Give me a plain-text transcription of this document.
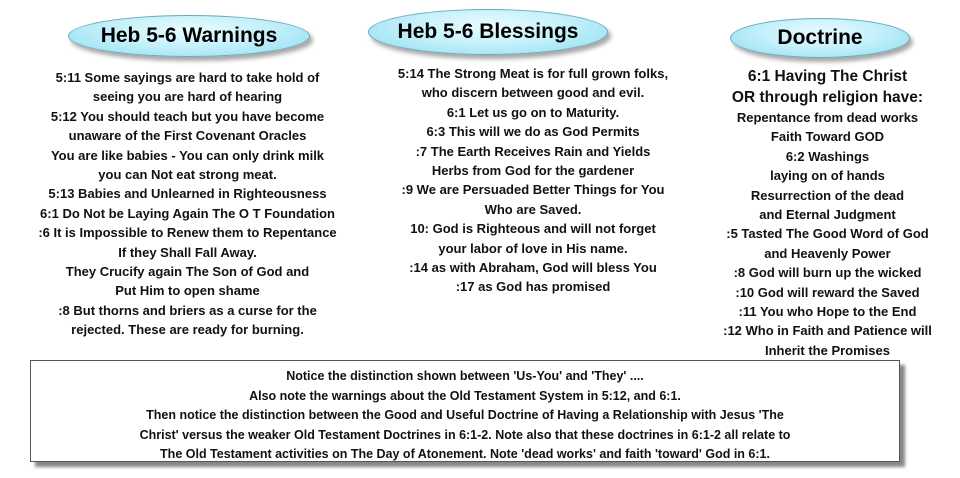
Heb 5-6 Warnings	Heb 5-6 Blessings	Doctrine
5:11 Some sayings are hard to take hold of
seeing you are hard of hearing
5:12 You should teach but you have become
unaware of the First Covenant Oracles
You are like babies - You can only drink milk
you can Not eat strong meat.
5:13 Babies and Unlearned in Righteousness
6:1 Do Not be Laying Again The O T Foundation
:6 It is Impossible to Renew them to Repentance
If they Shall Fall Away.
They Crucify again The Son of God and
Put Him to open shame
:8 But thorns and briers as a curse for the
rejected. These are ready for burning.
5:14 The Strong Meat is for full grown folks,
who discern between good and evil.
6:1 Let us go on to Maturity.
6:3 This will we do as God Permits
:7 The Earth Receives Rain and Yields
Herbs from God for the gardener
:9 We are Persuaded Better Things for You
Who are Saved.
10: God is Righteous and will not forget
your labor of love in His name.
:14 as with Abraham, God will bless You
:17 as God has promised
6:1 Having The Christ
OR through religion have:
Repentance from dead works
Faith Toward GOD
6:2 Washings
laying on of hands
Resurrection of the dead
and Eternal Judgment
:5 Tasted The Good Word of God
and Heavenly Power
:8 God will burn up the wicked
:10 God will reward the Saved
:11 You who Hope to the End
:12 Who in Faith and Patience will
Inherit the Promises
Notice the distinction shown between 'Us-You' and 'They' ....
Also note the warnings about the Old Testament System in 5:12, and 6:1.
Then notice the distinction between the Good and Useful Doctrine of Having a Relationship with Jesus 'The
Christ' versus the weaker Old Testament Doctrines in 6:1-2. Note also that these doctrines in 6:1-2 all relate to
The Old Testament activities on The Day of Atonement. Note 'dead works' and faith 'toward' God in 6:1.
